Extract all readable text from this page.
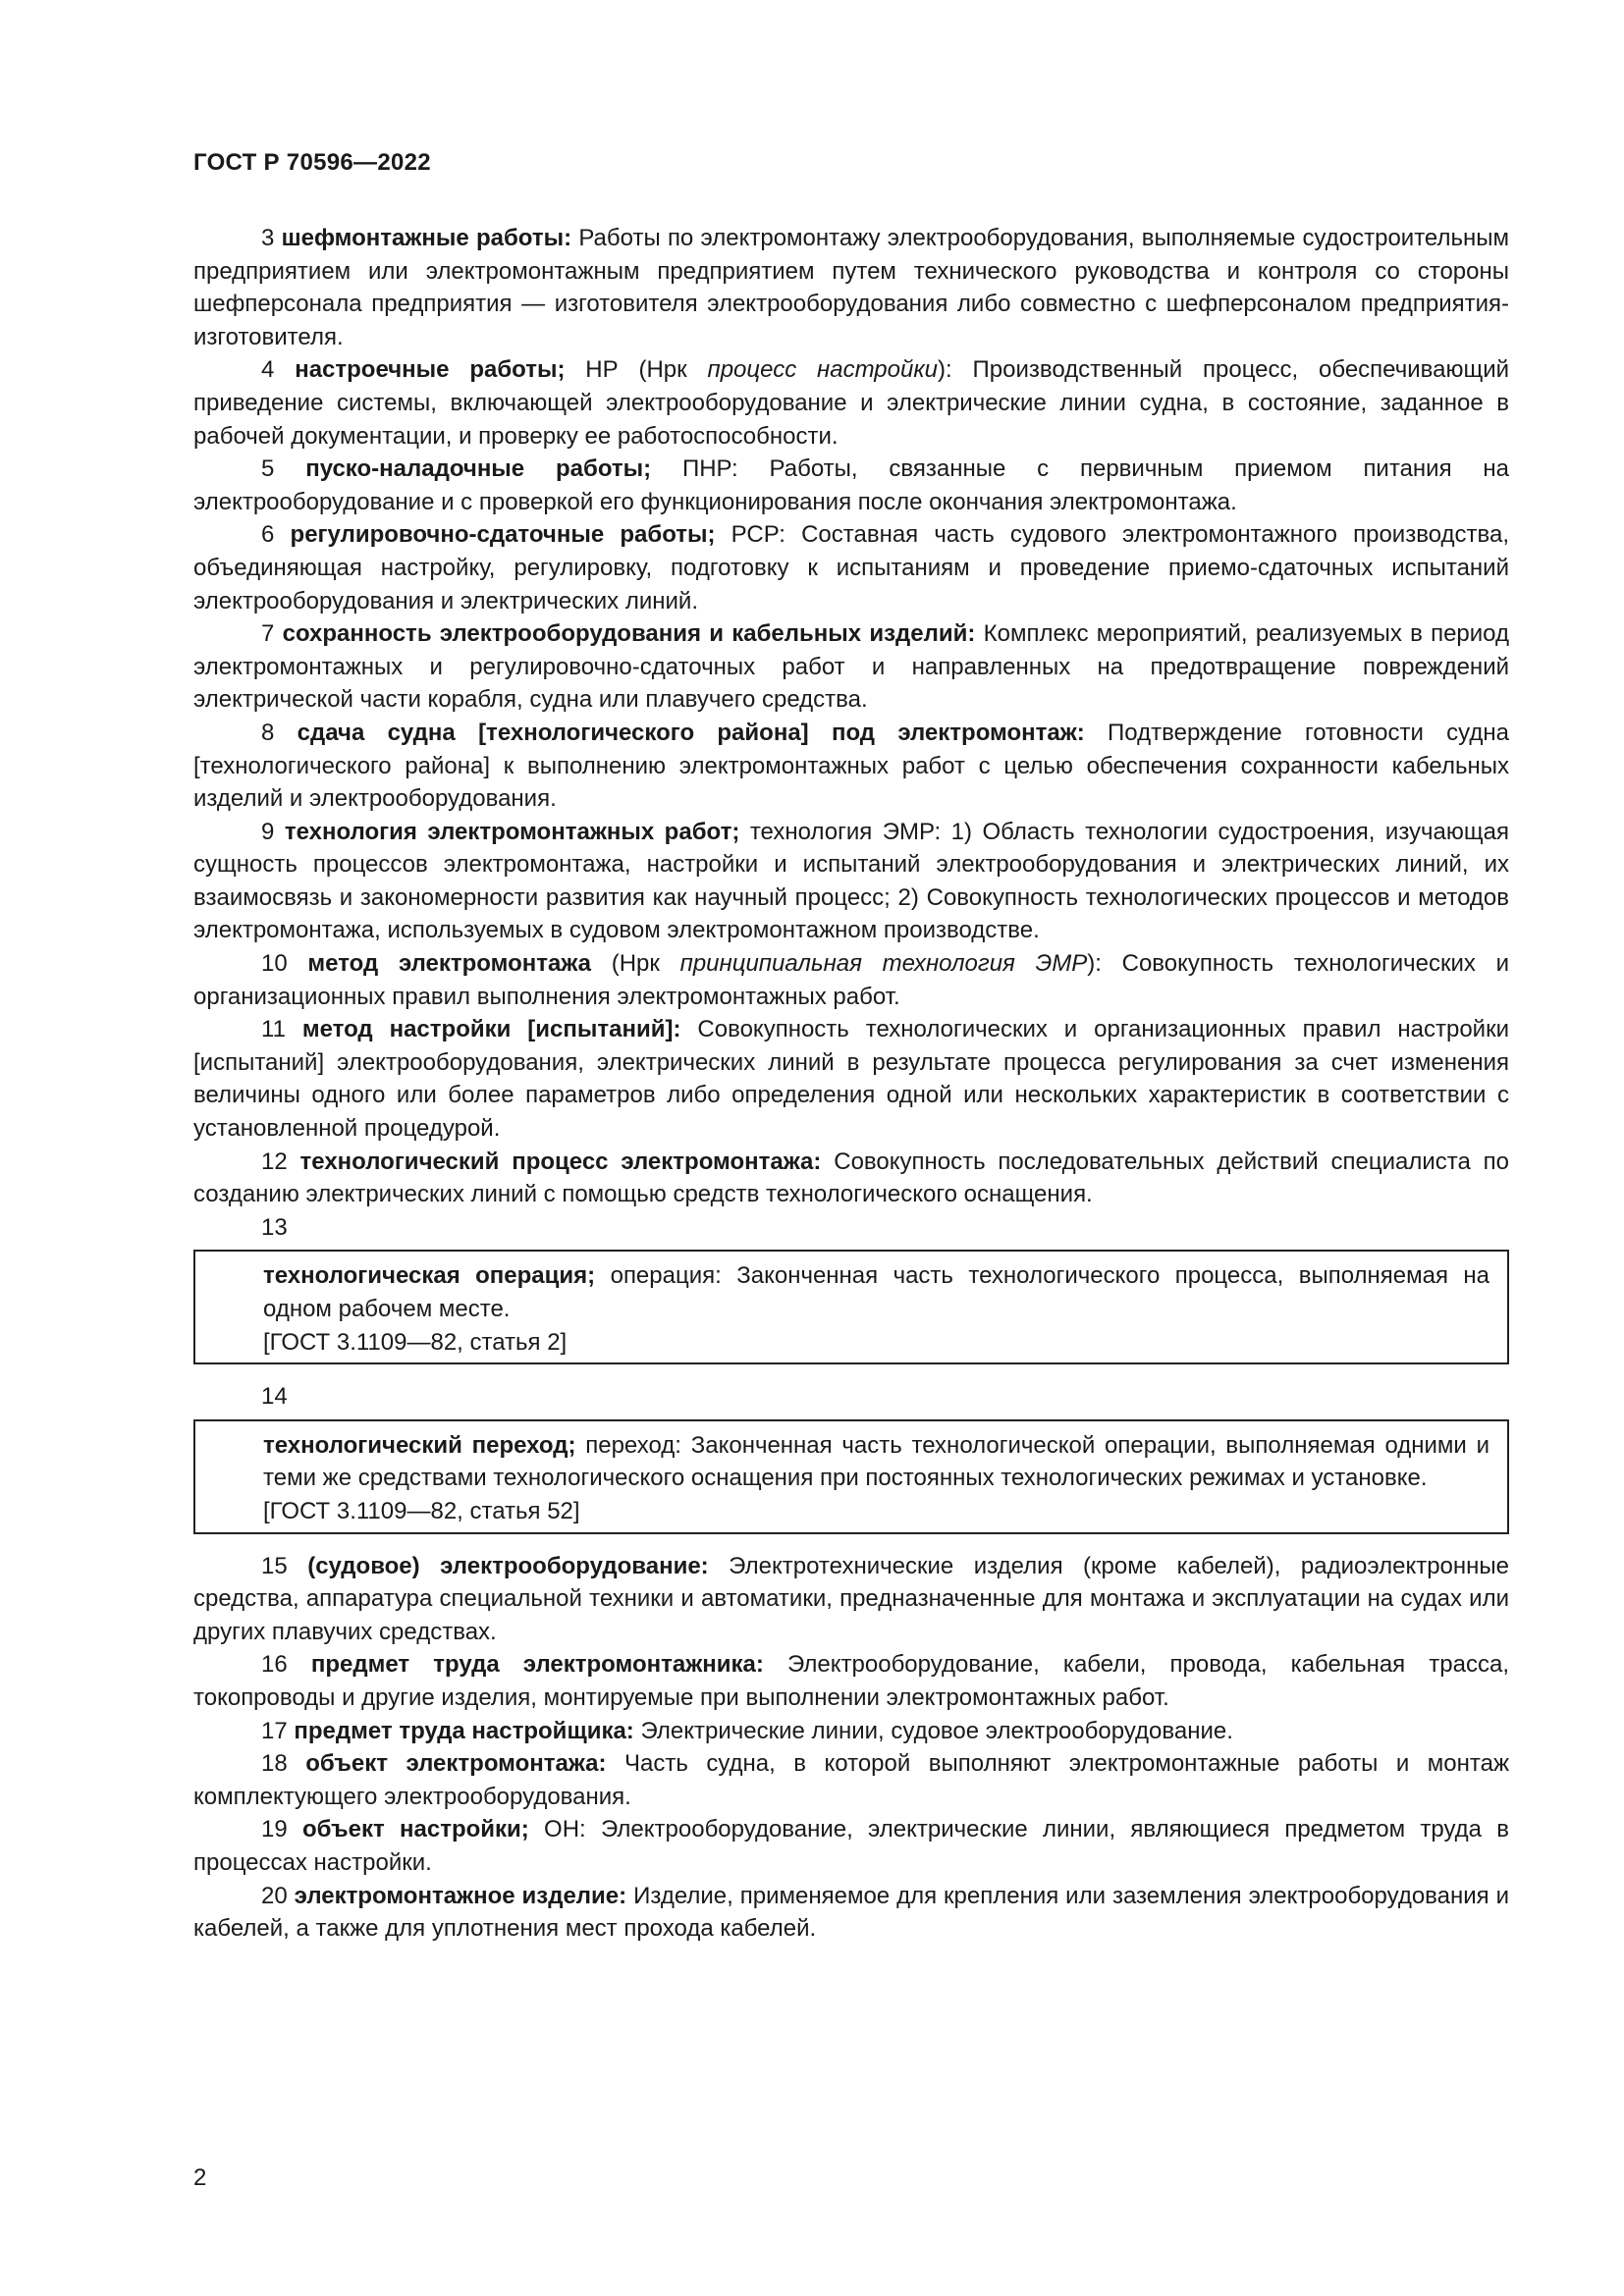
ГОСТ Р 70596—2022

3 шефмонтажные работы: Работы по электромонтажу электрооборудования, выполняемые судостроительным предприятием или электромонтажным предприятием путем технического руководства и контроля со стороны шефперсонала предприятия — изготовителя электрооборудования либо совместно с шефперсоналом предприятия-изготовителя.

4 настроечные работы; НР (Нрк процесс настройки): Производственный процесс, обеспечивающий приведение системы, включающей электрооборудование и электрические линии судна, в состояние, заданное в рабочей документации, и проверку ее работоспособности.

5 пуско-наладочные работы; ПНР: Работы, связанные с первичным приемом питания на электрооборудование и с проверкой его функционирования после окончания электромонтажа.

6 регулировочно-сдаточные работы; РСР: Составная часть судового электромонтажного производства, объединяющая настройку, регулировку, подготовку к испытаниям и проведение приемо-сдаточных испытаний электрооборудования и электрических линий.

7 сохранность электрооборудования и кабельных изделий: Комплекс мероприятий, реализуемых в период электромонтажных и регулировочно-сдаточных работ и направленных на предотвращение повреждений электрической части корабля, судна или плавучего средства.

8 сдача судна [технологического района] под электромонтаж: Подтверждение готовности судна [технологического района] к выполнению электромонтажных работ с целью обеспечения сохранности кабельных изделий и электрооборудования.

9 технология электромонтажных работ; технология ЭМР: 1) Область технологии судостроения, изучающая сущность процессов электромонтажа, настройки и испытаний электрооборудования и электрических линий, их взаимосвязь и закономерности развития как научный процесс; 2) Совокупность технологических процессов и методов электромонтажа, используемых в судовом электромонтажном производстве.

10 метод электромонтажа (Нрк принципиальная технология ЭМР): Совокупность технологических и организационных правил выполнения электромонтажных работ.

11 метод настройки [испытаний]: Совокупность технологических и организационных правил настройки [испытаний] электрооборудования, электрических линий в результате процесса регулирования за счет изменения величины одного или более параметров либо определения одной или нескольких характеристик в соответствии с установленной процедурой.

12 технологический процесс электромонтажа: Совокупность последовательных действий специалиста по созданию электрических линий с помощью средств технологического оснащения.

13

технологическая операция; операция: Законченная часть технологического процесса, выполняемая на одном рабочем месте.

[ГОСТ 3.1109—82, статья 2]

14

технологический переход; переход: Законченная часть технологической операции, выполняемая одними и теми же средствами технологического оснащения при постоянных технологических режимах и установке.

[ГОСТ 3.1109—82, статья 52]

15 (судовое) электрооборудование: Электротехнические изделия (кроме кабелей), радиоэлектронные средства, аппаратура специальной техники и автоматики, предназначенные для монтажа и эксплуатации на судах или других плавучих средствах.

16 предмет труда электромонтажника: Электрооборудование, кабели, провода, кабельная трасса, токопроводы и другие изделия, монтируемые при выполнении электромонтажных работ.

17 предмет труда настройщика: Электрические линии, судовое электрооборудование.

18 объект электромонтажа: Часть судна, в которой выполняют электромонтажные работы и монтаж комплектующего электрооборудования.

19 объект настройки; ОН: Электрооборудование, электрические линии, являющиеся предметом труда в процессах настройки.

20 электромонтажное изделие: Изделие, применяемое для крепления или заземления электрооборудования и кабелей, а также для уплотнения мест прохода кабелей.

2
